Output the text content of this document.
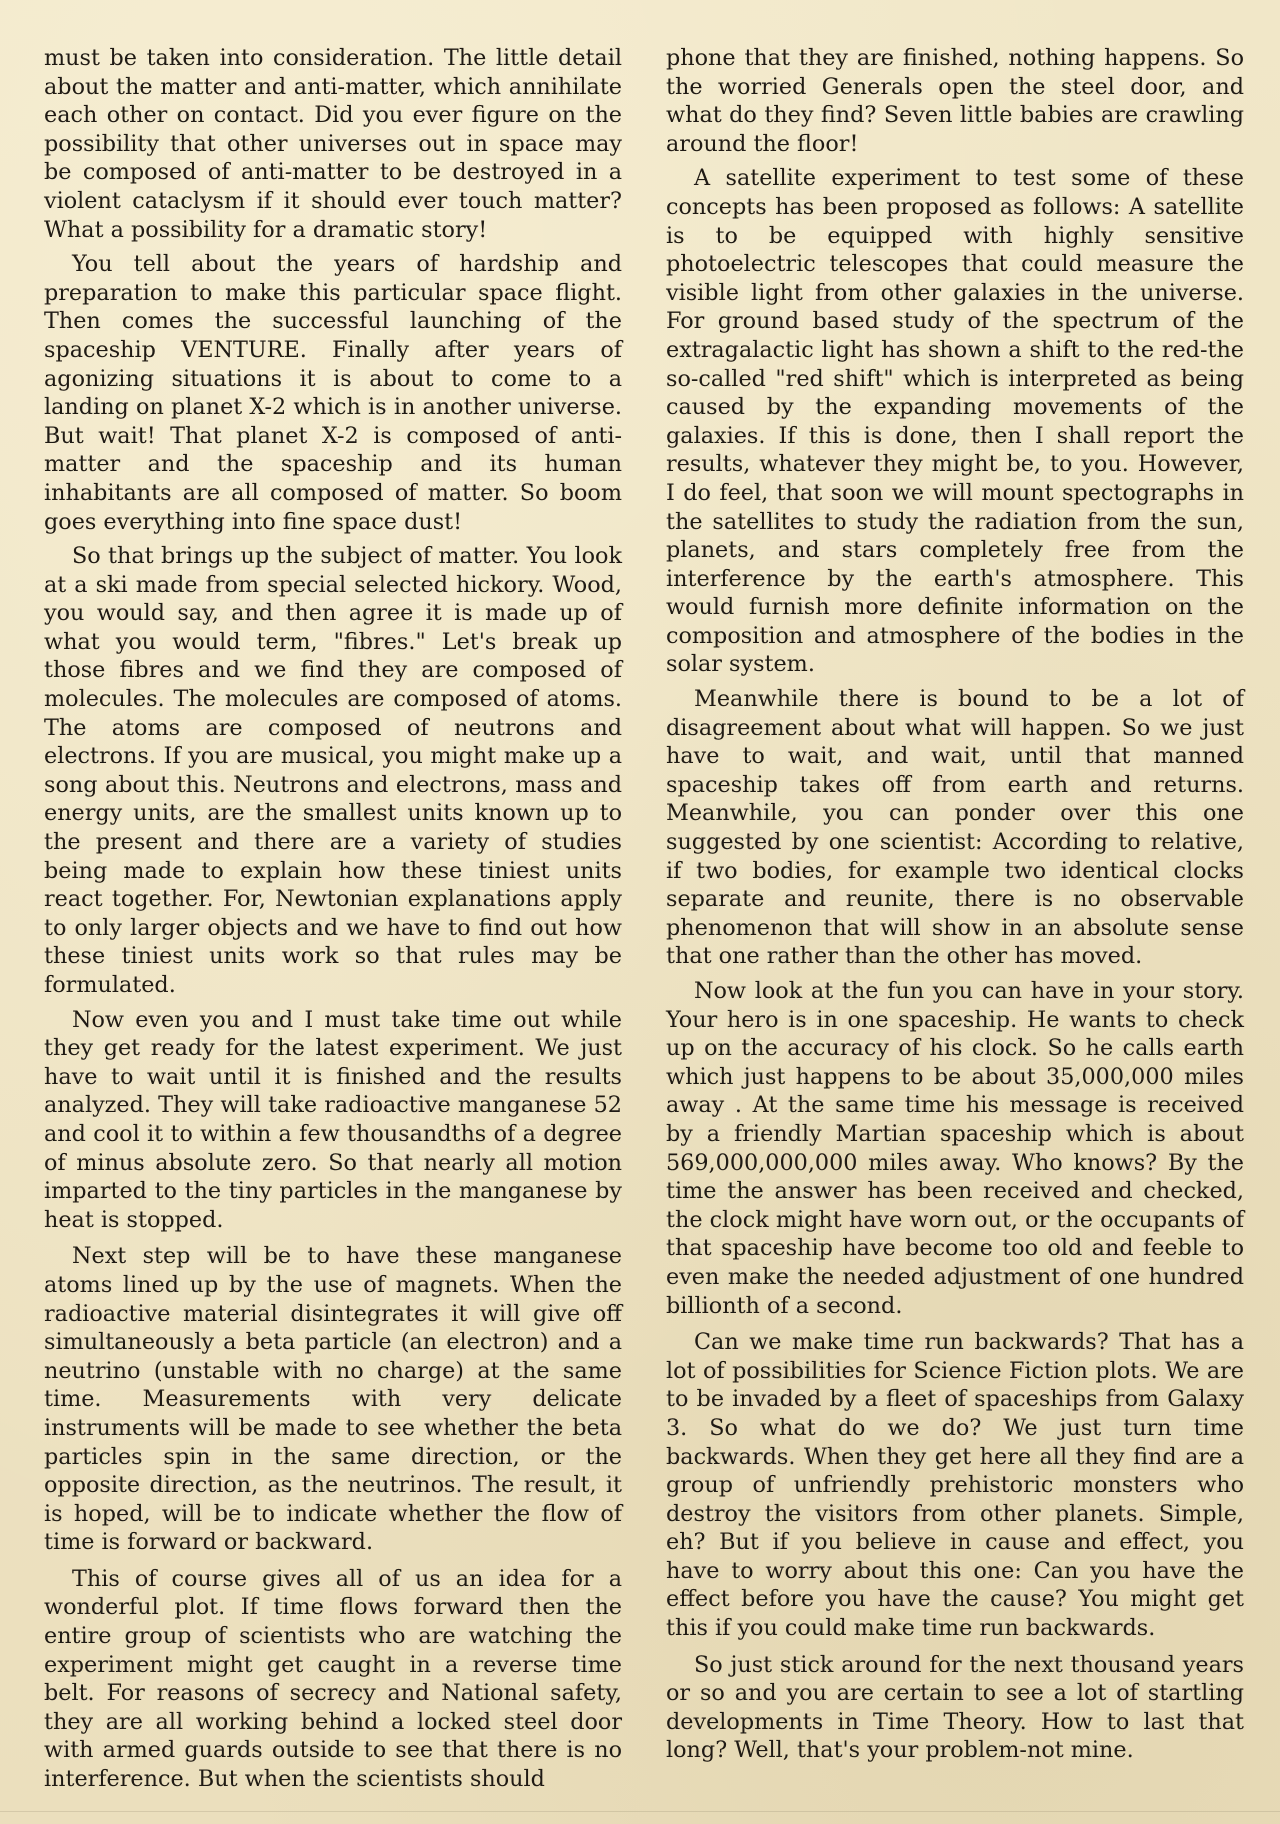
must be taken into consideration. The little detail about the matter and anti-matter, which annihilate each other on contact. Did you ever figure on the possibility that other universes out in space may be composed of anti-matter to be destroyed in a violent cataclysm if it should ever touch matter? What a possibility for a dramatic story!

You tell about the years of hardship and preparation to make this particular space flight. Then comes the successful launching of the spaceship VENTURE. Finally after years of agonizing situations it is about to come to a landing on planet X-2 which is in another universe. But wait! That planet X-2 is composed of anti-matter and the spaceship and its human inhabitants are all composed of matter. So boom goes everything into fine space dust!

So that brings up the subject of matter. You look at a ski made from special selected hickory. Wood, you would say, and then agree it is made up of what you would term, "fibres." Let's break up those fibres and we find they are composed of molecules. The molecules are composed of atoms. The atoms are composed of neutrons and electrons. If you are musical, you might make up a song about this. Neutrons and electrons, mass and energy units, are the smallest units known up to the present and there are a variety of studies being made to explain how these tiniest units react together. For, Newtonian explanations apply to only larger objects and we have to find out how these tiniest units work so that rules may be formulated.

Now even you and I must take time out while they get ready for the latest experiment. We just have to wait until it is finished and the results analyzed. They will take radioactive manganese 52 and cool it to within a few thousandths of a degree of minus absolute zero. So that nearly all motion imparted to the tiny particles in the manganese by heat is stopped.

Next step will be to have these manganese atoms lined up by the use of magnets. When the radioactive material disintegrates it will give off simultaneously a beta particle (an electron) and a neutrino (unstable with no charge) at the same time. Measurements with very delicate instruments will be made to see whether the beta particles spin in the same direction, or the opposite direction, as the neutrinos. The result, it is hoped, will be to indicate whether the flow of time is forward or backward.

This of course gives all of us an idea for a wonderful plot. If time flows forward then the entire group of scientists who are watching the experiment might get caught in a reverse time belt. For reasons of secrecy and National safety, they are all working behind a locked steel door with armed guards outside to see that there is no interference. But when the scientists should

phone that they are finished, nothing happens. So the worried Generals open the steel door, and what do they find? Seven little babies are crawling around the floor!

A satellite experiment to test some of these concepts has been proposed as follows: A satellite is to be equipped with highly sensitive photoelectric telescopes that could measure the visible light from other galaxies in the universe. For ground based study of the spectrum of the extragalactic light has shown a shift to the red-the so-called "red shift" which is interpreted as being caused by the expanding movements of the galaxies. If this is done, then I shall report the results, whatever they might be, to you. However, I do feel, that soon we will mount spectographs in the satellites to study the radiation from the sun, planets, and stars completely free from the interference by the earth's atmosphere. This would furnish more definite information on the composition and atmosphere of the bodies in the solar system.

Meanwhile there is bound to be a lot of disagreement about what will happen. So we just have to wait, and wait, until that manned spaceship takes off from earth and returns. Meanwhile, you can ponder over this one suggested by one scientist: According to relative, if two bodies, for example two identical clocks separate and reunite, there is no observable phenomenon that will show in an absolute sense that one rather than the other has moved.

Now look at the fun you can have in your story. Your hero is in one spaceship. He wants to check up on the accuracy of his clock. So he calls earth which just happens to be about 35,000,000 miles away . At the same time his message is received by a friendly Martian spaceship which is about 569,000,000,000 miles away. Who knows? By the time the answer has been received and checked, the clock might have worn out, or the occupants of that spaceship have become too old and feeble to even make the needed adjustment of one hundred billionth of a second.

Can we make time run backwards? That has a lot of possibilities for Science Fiction plots. We are to be invaded by a fleet of spaceships from Galaxy 3. So what do we do? We just turn time backwards. When they get here all they find are a group of unfriendly prehistoric monsters who destroy the visitors from other planets. Simple, eh? But if you believe in cause and effect, you have to worry about this one: Can you have the effect before you have the cause? You might get this if you could make time run backwards.

So just stick around for the next thousand years or so and you are certain to see a lot of startling developments in Time Theory. How to last that long? Well, that's your problem-not mine.
